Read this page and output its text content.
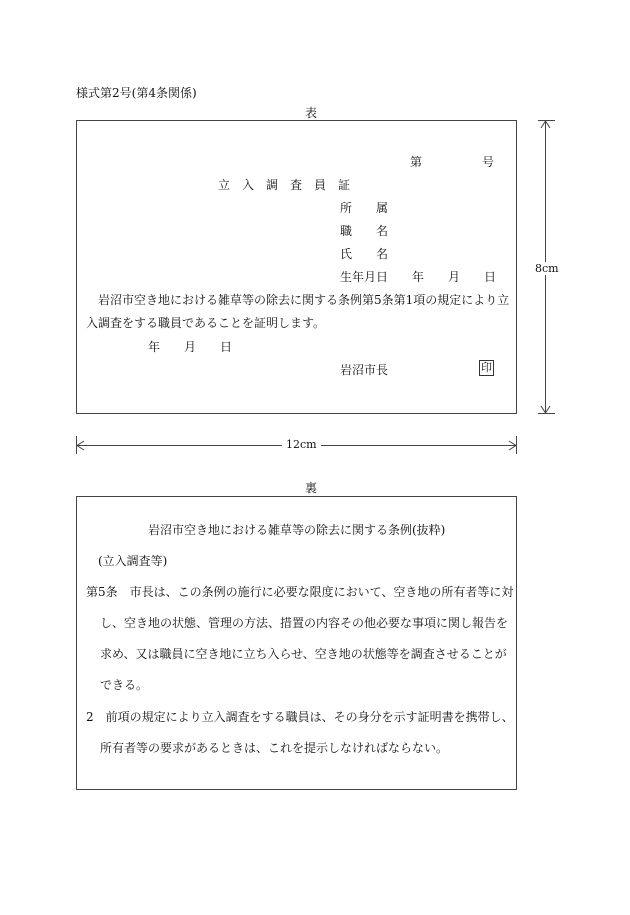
様式第2号(第4条関係)
表
第　　　　　号
立　入　調　査　員　証
所　　属
職　　名
氏　　名
生年月日　　年　　月　　日
岩沼市空き地における雑草等の除去に関する条例第5条第1項の規定により立
入調査をする職員であることを証明します。
年　　月　　日
岩沼市長	印
8cm
12cm
裏
岩沼市空き地における雑草等の除去に関する条例(抜粋)
(立入調査等)
第5条　市長は、この条例の施行に必要な限度において、空き地の所有者等に対
し、空き地の状態、管理の方法、措置の内容その他必要な事項に関し報告を
求め、又は職員に空き地に立ち入らせ、空き地の状態等を調査させることが
できる。
2　前項の規定により立入調査をする職員は、その身分を示す証明書を携帯し、
所有者等の要求があるときは、これを提示しなければならない。
